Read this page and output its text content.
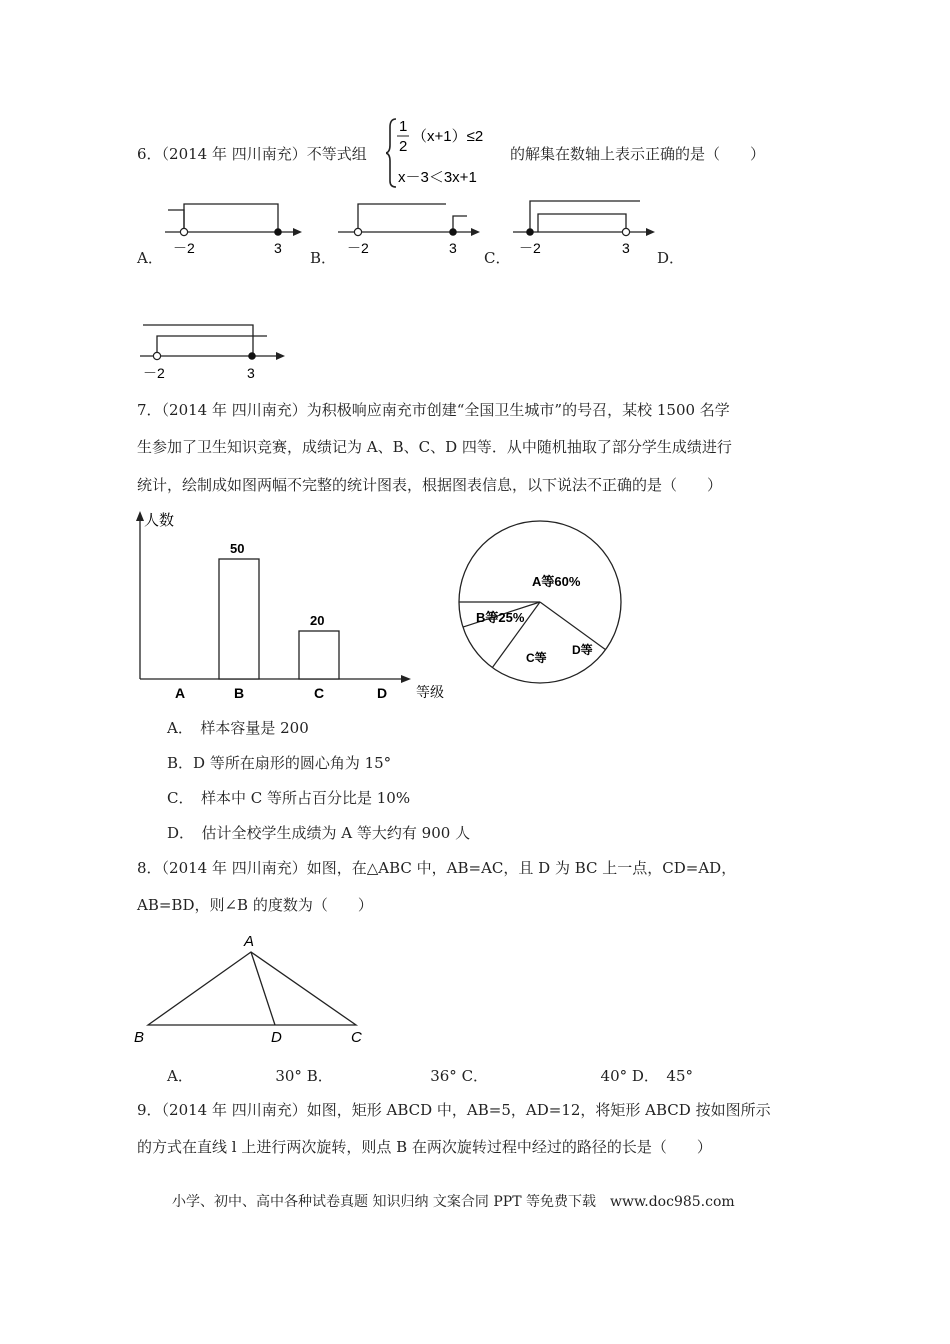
6．（2014 年 四川南充）不等式组
1
2
（x+1）≤2
x－3＜3x+1
的解集在数轴上表示正确的是（　　）
A．	B．	C．	D．
－2	3	－2	3	－2	3
－2	3
7．（2014 年 四川南充）为积极响应南充市创建“全国卫生城市”的号召，某校 1500 名学
生参加了卫生知识竞赛，成绩记为 A、B、C、D 四等．从中随机抽取了部分学生成绩进行
统计，绘制成如图两幅不完整的统计图表，根据图表信息，以下说法不正确的是（　　）
人数
等级
A	B
50
C
20
D
A等60%
B等25%
C等
D等
A．　样本容量是 200
B．D 等所在扇形的圆心角为 15°
C．　样本中 C 等所占百分比是 10%
D．　估计全校学生成绩为 A 等大约有 900 人
8．（2014 年 四川南充）如图，在△ABC 中，AB=AC，且 D 为 BC 上一点，CD=AD，
AB=BD，则∠B 的度数为（　　）
A
B	D	C
A．　　　　　　30° B．　　　　　　　36° C．　　　　　　　　40° D．　45°
9．（2014 年 四川南充）如图，矩形 ABCD 中，AB=5，AD=12，将矩形 ABCD 按如图所示
的方式在直线 l 上进行两次旋转，则点 B 在两次旋转过程中经过的路径的长是（　　）
小学、初中、高中各种试卷真题 知识归纳 文案合同 PPT 等免费下载　www.doc985.com
